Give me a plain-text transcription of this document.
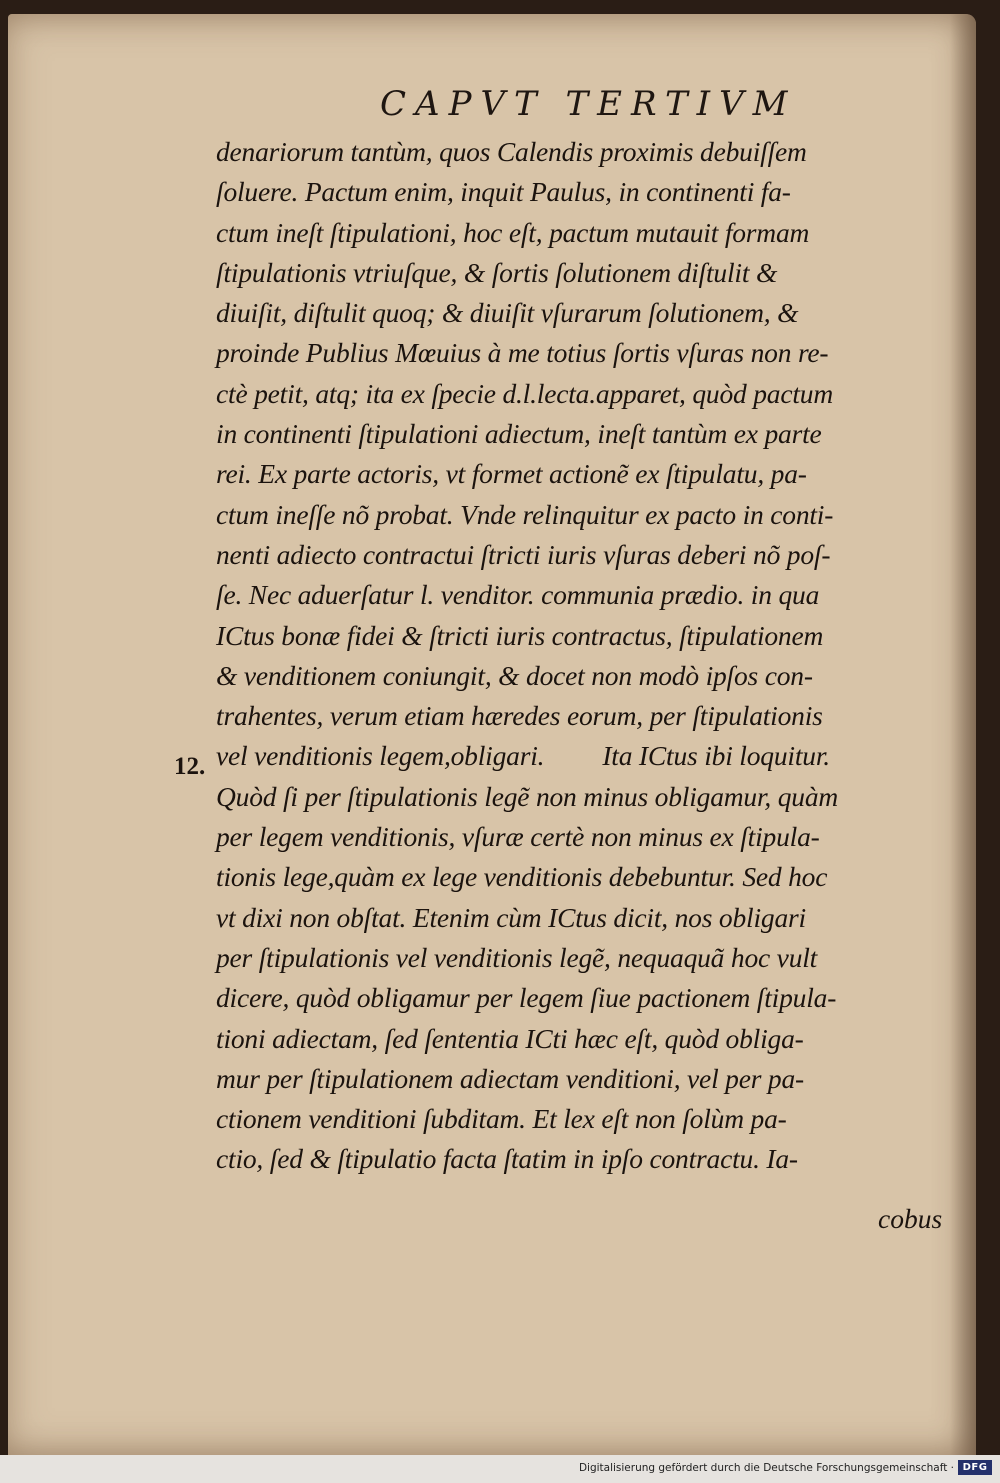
CAPVT TERTIVM
12.
denariorum tantùm, quos Calendis proximis debuiſſem
ſoluere. Pactum enim, inquit Paulus, in continenti fa-
ctum ineſt ſtipulationi, hoc eſt, pactum mutauit formam
ſtipulationis vtriuſque, & ſortis ſolutionem diſtulit &
diuiſit, diſtulit quoq; & diuiſit vſurarum ſolutionem, &
proinde Publius Mœuius à me totius ſortis vſuras non re-
ctè petit, atq; ita ex ſpecie d.l.lecta.apparet, quòd pactum
in continenti ſtipulationi adiectum, ineſt tantùm ex parte
rei. Ex parte actoris, vt formet actionẽ ex ſtipulatu, pa-
ctum ineſſe nõ probat. Vnde relinquitur ex pacto in conti-
nenti adiecto contractui ſtricti iuris vſuras deberi nõ poſ-
ſe. Nec aduerſatur l. venditor. communia prædio. in qua
ICtus bonæ fidei & ſtricti iuris contractus, ſtipulationem
& venditionem coniungit, & docet non modò ipſos con-
trahentes, verum etiam hæredes eorum, per ſtipulationis
vel venditionis legem,obligari. Ita ICtus ibi loquitur.
Quòd ſi per ſtipulationis legẽ non minus obligamur, quàm
per legem venditionis, vſuræ certè non minus ex ſtipula-
tionis lege,quàm ex lege venditionis debebuntur. Sed hoc
vt dixi non obſtat. Etenim cùm ICtus dicit, nos obligari
per ſtipulationis vel venditionis legẽ, nequaquã hoc vult
dicere, quòd obligamur per legem ſiue pactionem ſtipula-
tioni adiectam, ſed ſententia ICti hæc eſt, quòd obliga-
mur per ſtipulationem adiectam venditioni, vel per pa-
ctionem venditioni ſubditam. Et lex eſt non ſolùm pa-
ctio, ſed & ſtipulatio facta ſtatim in ipſo contractu. Ia-
cobus
Digitalisierung gefördert durch die Deutsche Forschungsgemeinschaft · DFG
